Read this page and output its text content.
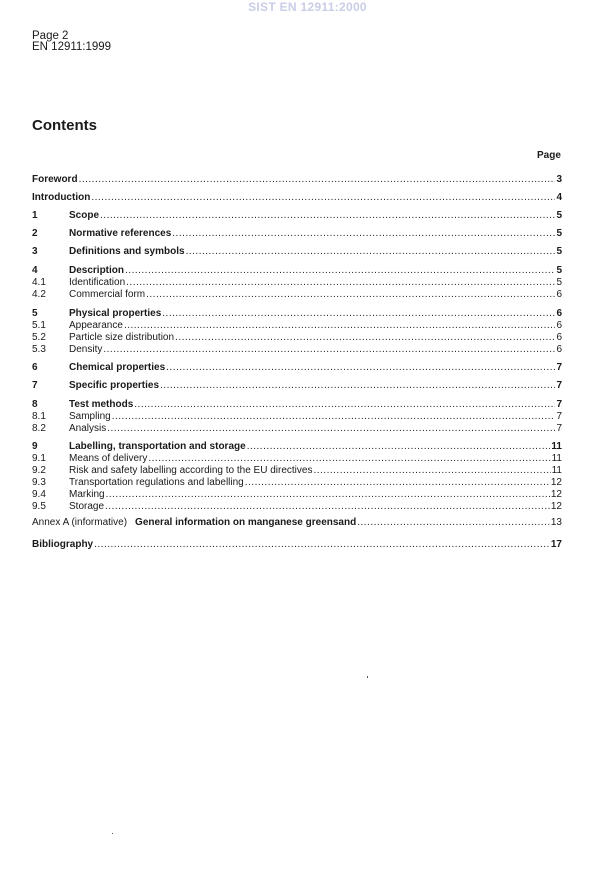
SIST EN 12911:2000
Page 2
EN 12911:1999
Contents
Page
Foreword .....	3
Introduction .....	4
1	Scope .....	5
2	Normative references .....	5
3	Definitions and symbols .....	5
4	Description .....	5
4.1	Identification .....	5
4.2	Commercial form .....	6
5	Physical properties .....	6
5.1	Appearance .....	6
5.2	Particle size distribution .....	6
5.3	Density .....	6
6	Chemical properties .....	7
7	Specific properties .....	7
8	Test methods .....	7
8.1	Sampling .....	7
8.2	Analysis .....	7
9	Labelling, transportation and storage .....	11
9.1	Means of delivery .....	11
9.2	Risk and safety labelling according to the EU directives .....	11
9.3	Transportation regulations and labelling .....	12
9.4	Marking .....	12
9.5	Storage .....	12
Annex A (informative) General information on manganese greensand .....	13
Bibliography .....	17
